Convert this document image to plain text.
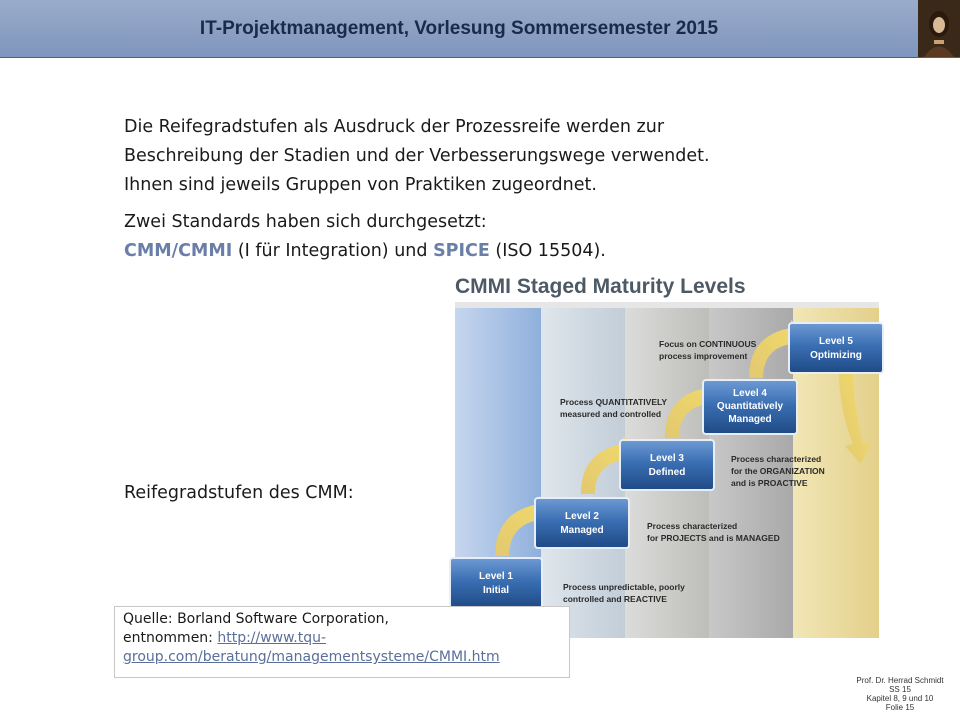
IT-Projektmanagement, Vorlesung Sommersemester 2015
Die Reifegradstufen als Ausdruck der Prozessreife werden zur
Beschreibung der Stadien und der Verbesserungswege verwendet.
Ihnen sind jeweils Gruppen von Praktiken zugeordnet.
Zwei Standards haben sich durchgesetzt:
CMM/CMMI (I für Integration) und SPICE (ISO 15504).
Reifegradstufen des CMM:
CMMI Staged Maturity Levels
Level 1
Initial
Level 2
Managed
Level 3
Defined
Level 4
Quantitatively
Managed
Level 5
Optimizing
Process unpredictable, poorly
controlled and REACTIVE
Process characterized
for PROJECTS and is MANAGED
Process characterized
for the ORGANIZATION
and is PROACTIVE
Process QUANTITATIVELY
measured and controlled
Focus on CONTINUOUS
process improvement
Quelle: Borland Software Corporation,
entnommen: http://www.tqu-
group.com/beratung/managementsysteme/CMMI.htm
Prof. Dr. Herrad Schmidt
SS 15
Kapitel 8, 9 und 10
Folie 15
